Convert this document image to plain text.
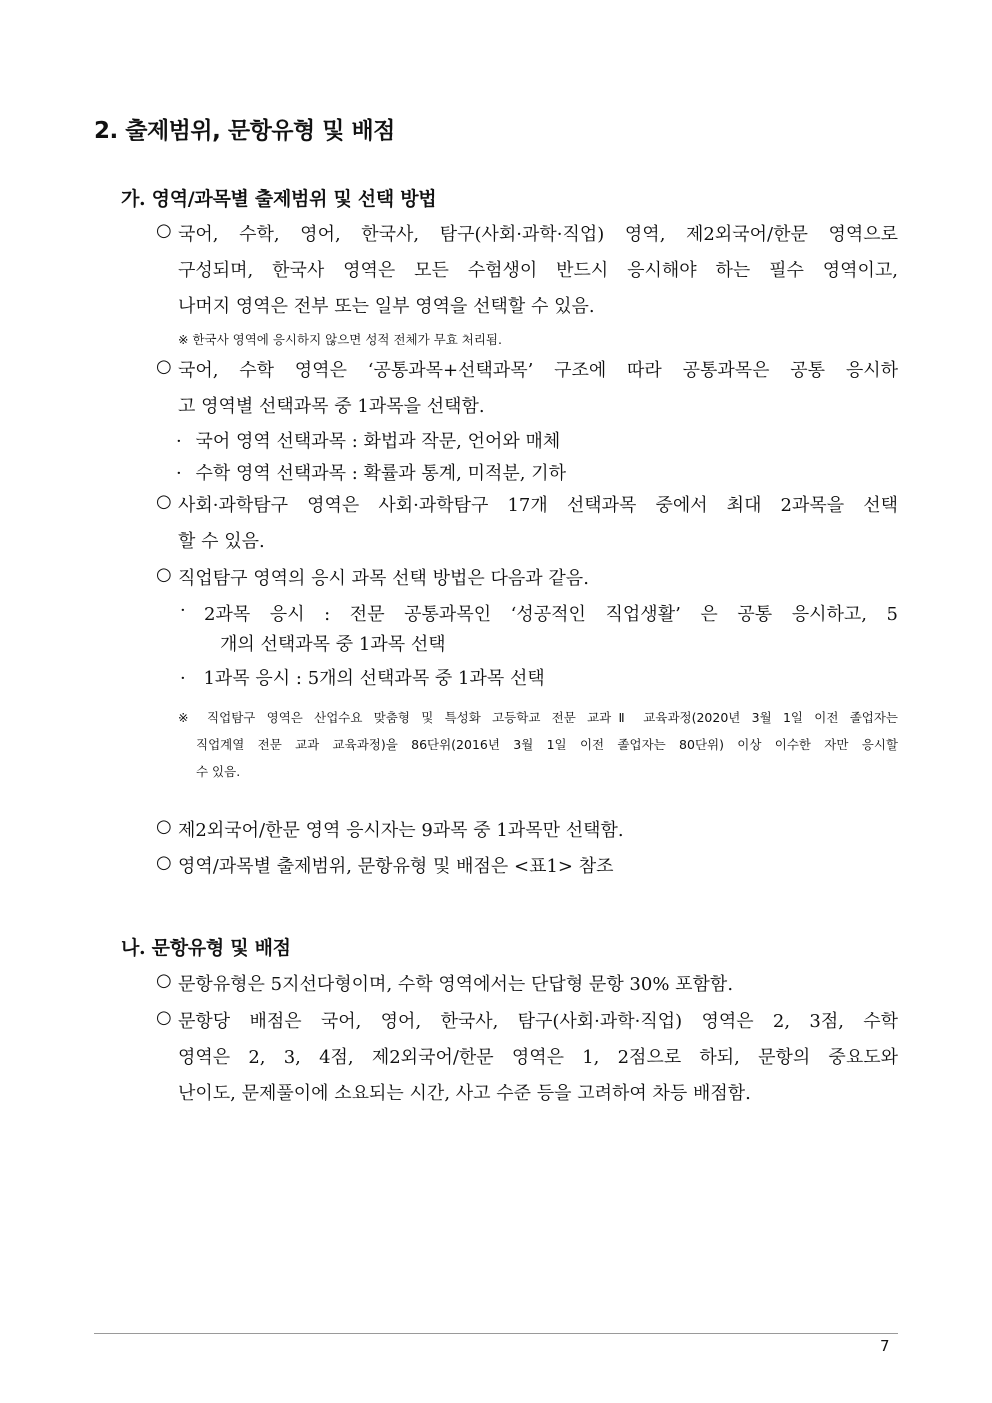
2. 출제범위, 문항유형 및 배점
가. 영역/과목별 출제범위 및 선택 방법
○ 국어, 수학, 영어, 한국사, 탐구(사회·과학·직업) 영역, 제2외국어/한문 영역으로
구성되며, 한국사 영역은 모든 수험생이 반드시 응시해야 하는 필수 영역이고,
나머지 영역은 전부 또는 일부 영역을 선택할 수 있음.
※ 한국사 영역에 응시하지 않으면 성적 전체가 무효 처리됨.
○ 국어, 수학 영역은 ‘공통과목+선택과목’ 구조에 따라 공통과목은 공통 응시하
고 영역별 선택과목 중 1과목을 선택함.
· 국어 영역 선택과목 : 화법과 작문, 언어와 매체
· 수학 영역 선택과목 : 확률과 통계, 미적분, 기하
○ 사회·과학탐구 영역은 사회·과학탐구 17개 선택과목 중에서 최대 2과목을 선택
할 수 있음.
○ 직업탐구 영역의 응시 과목 선택 방법은 다음과 같음.
· 2과목 응시 : 전문 공통과목인 ‘성공적인 직업생활’ 은 공통 응시하고, 5
개의 선택과목 중 1과목 선택
· 1과목 응시 : 5개의 선택과목 중 1과목 선택
※ 직업탐구 영역은 산업수요 맞춤형 및 특성화 고등학교 전문 교과Ⅱ 교육과정(2020년 3월 1일 이전 졸업자는
직업계열 전문 교과 교육과정)을 86단위(2016년 3월 1일 이전 졸업자는 80단위) 이상 이수한 자만 응시할
수 있음.
○ 제2외국어/한문 영역 응시자는 9과목 중 1과목만 선택함.
○ 영역/과목별 출제범위, 문항유형 및 배점은 <표1> 참조
나. 문항유형 및 배점
○ 문항유형은 5지선다형이며, 수학 영역에서는 단답형 문항 30% 포함함.
○ 문항당 배점은 국어, 영어, 한국사, 탐구(사회·과학·직업) 영역은 2, 3점, 수학
영역은 2, 3, 4점, 제2외국어/한문 영역은 1, 2점으로 하되, 문항의 중요도와
난이도, 문제풀이에 소요되는 시간, 사고 수준 등을 고려하여 차등 배점함.
7
